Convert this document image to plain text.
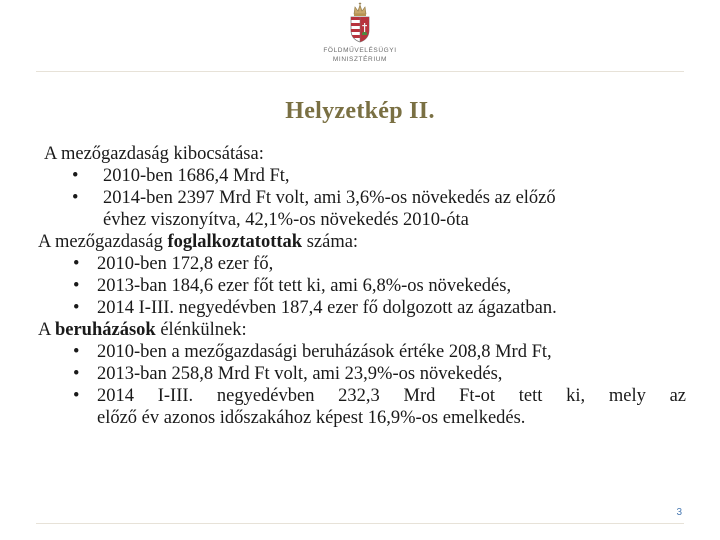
FÖLDMŰVELÉSÜGYI
MINISZTÉRIUM
Helyzetkép II.
A mezőgazdaság kibocsátása:
• 2010-ben 1686,4 Mrd Ft,
• 2014-ben 2397 Mrd Ft volt, ami 3,6%-os növekedés az előző
évhez viszonyítva, 42,1%-os növekedés 2010-óta
A mezőgazdaság foglalkoztatottak száma:
• 2010-ben 172,8 ezer fő,
• 2013-ban 184,6 ezer főt tett ki, ami 6,8%-os növekedés,
• 2014 I-III. negyedévben 187,4 ezer fő dolgozott az ágazatban.
A beruházások élénkülnek:
• 2010-ben a mezőgazdasági beruházások értéke 208,8 Mrd Ft,
• 2013-ban 258,8 Mrd Ft volt, ami 23,9%-os növekedés,
• 2014 I-III. negyedévben 232,3 Mrd Ft-ot tett ki, mely az
előző év azonos időszakához képest 16,9%-os emelkedés.
3
